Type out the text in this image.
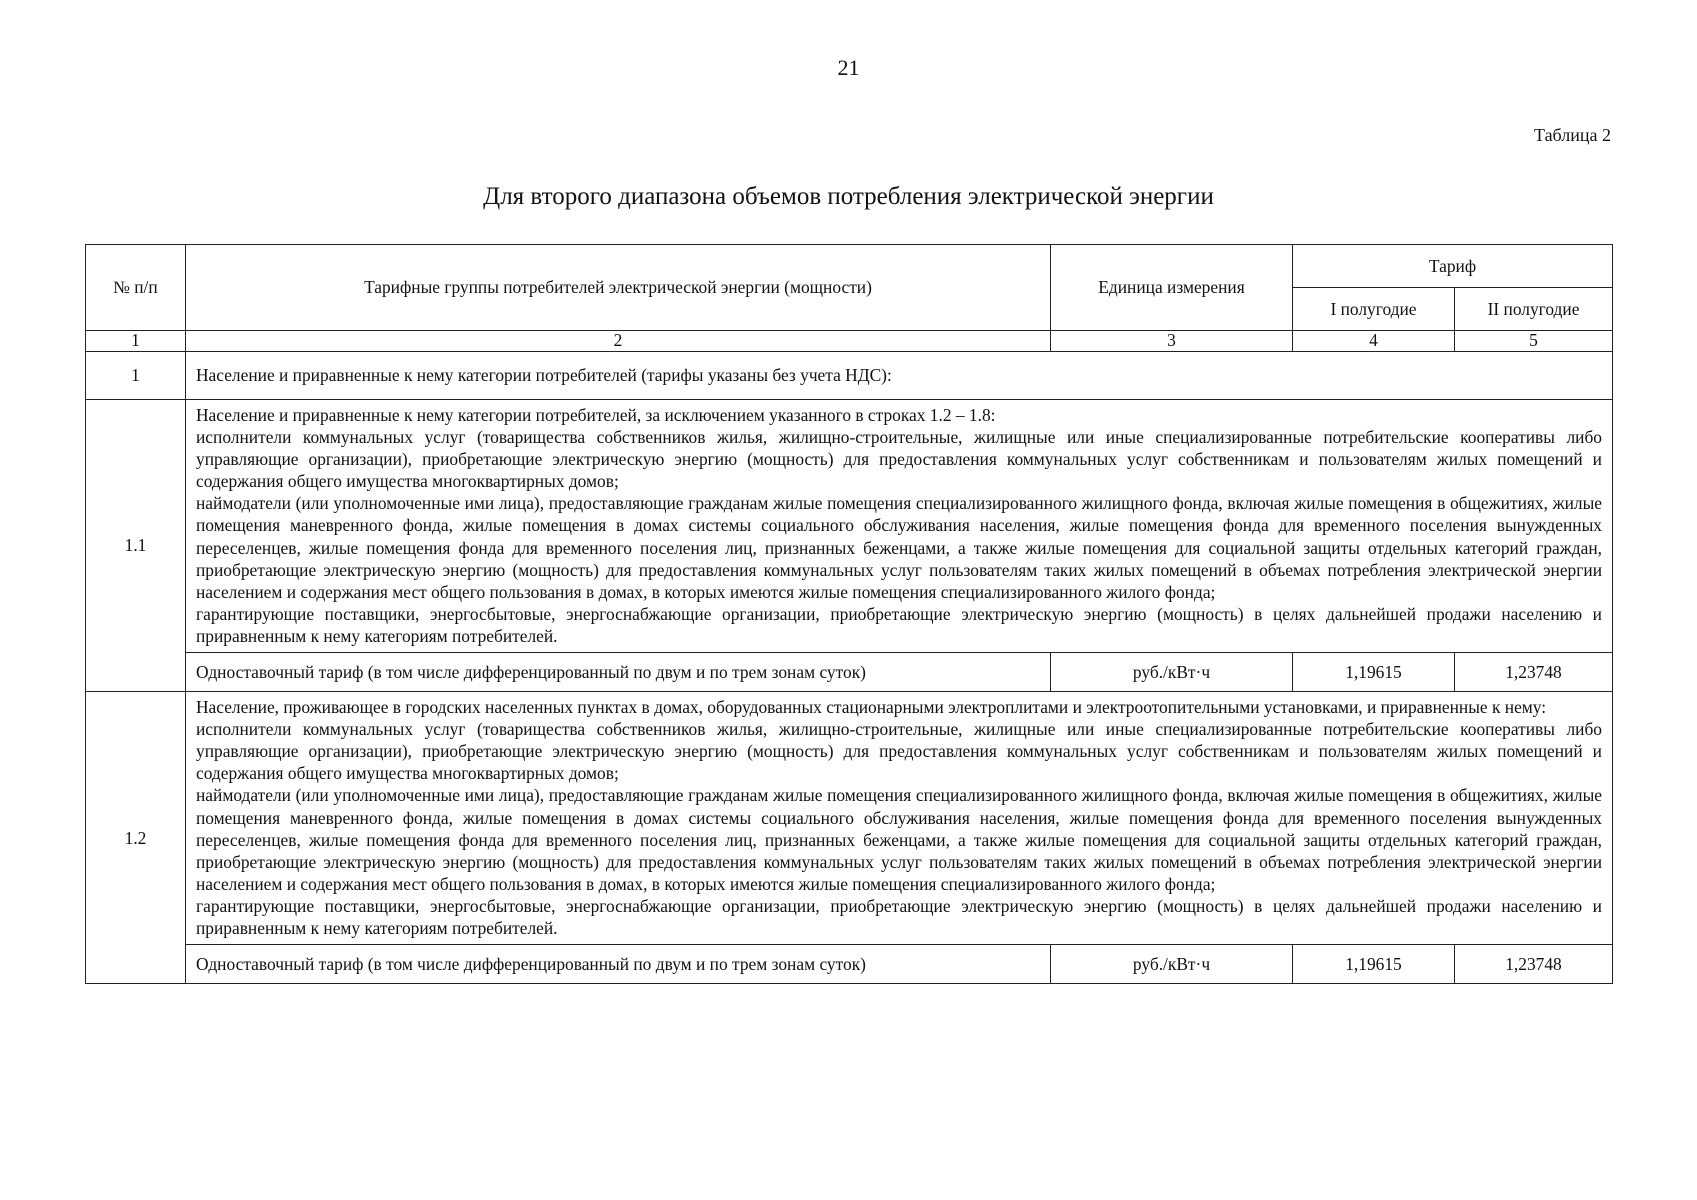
21
Таблица 2
Для второго диапазона объемов потребления электрической энергии
№ п/п	Тарифные группы потребителей электрической энергии (мощности)	Единица измерения	Тариф	
			I полугодие	II полугодие
1	2	3	4	5
1	Население и приравненные к нему категории потребителей (тарифы указаны без учета НДС):			
1.1	Население и приравненные к нему категории потребителей, за исключением указанного в строках 1.2 – 1.8:

исполнители коммунальных услуг (товарищества собственников жилья, жилищно-строительные, жилищные или иные специализированные потребительские кооперативы либо управляющие организации), приобретающие электрическую энергию (мощность) для предоставления коммунальных услуг собственникам и пользователям жилых помещений и содержания общего имущества многоквартирных домов;

наймодатели (или уполномоченные ими лица), предоставляющие гражданам жилые помещения специализированного жилищного фонда, включая жилые помещения в общежитиях, жилые помещения маневренного фонда, жилые помещения в домах системы социального обслуживания населения, жилые помещения фонда для временного поселения вынужденных переселенцев, жилые помещения фонда для временного поселения лиц, признанных беженцами, а также жилые помещения для социальной защиты отдельных категорий граждан, приобретающие электрическую энергию (мощность) для предоставления коммунальных услуг пользователям таких жилых помещений в объемах потребления электрической энергии населением и содержания мест общего пользования в домах, в которых имеются жилые помещения специализированного жилого фонда;

гарантирующие поставщики, энергосбытовые, энергоснабжающие организации, приобретающие электрическую энергию (мощность) в целях дальнейшей продажи населению и приравненным к нему категориям потребителей.			

	Одноставочный тариф (в том числе дифференцированный по двум и по трем зонам суток)	руб./кВт·ч	1,19615	1,23748
1.2	Население, проживающее в городских населенных пунктах в домах, оборудованных стационарными электроплитами и электроотопительными установками, и приравненные к нему:

исполнители коммунальных услуг (товарищества собственников жилья, жилищно-строительные, жилищные или иные специализированные потребительские кооперативы либо управляющие организации), приобретающие электрическую энергию (мощность) для предоставления коммунальных услуг собственникам и пользователям жилых помещений и содержания общего имущества многоквартирных домов;

наймодатели (или уполномоченные ими лица), предоставляющие гражданам жилые помещения специализированного жилищного фонда, включая жилые помещения в общежитиях, жилые помещения маневренного фонда, жилые помещения в домах системы социального обслуживания населения, жилые помещения фонда для временного поселения вынужденных переселенцев, жилые помещения фонда для временного поселения лиц, признанных беженцами, а также жилые помещения для социальной защиты отдельных категорий граждан, приобретающие электрическую энергию (мощность) для предоставления коммунальных услуг пользователям таких жилых помещений в объемах потребления электрической энергии населением и содержания мест общего пользования в домах, в которых имеются жилые помещения специализированного жилого фонда;

гарантирующие поставщики, энергосбытовые, энергоснабжающие организации, приобретающие электрическую энергию (мощность) в целях дальнейшей продажи населению и приравненным к нему категориям потребителей.			

	Одноставочный тариф (в том числе дифференцированный по двум и по трем зонам суток)	руб./кВт·ч	1,19615	1,23748
